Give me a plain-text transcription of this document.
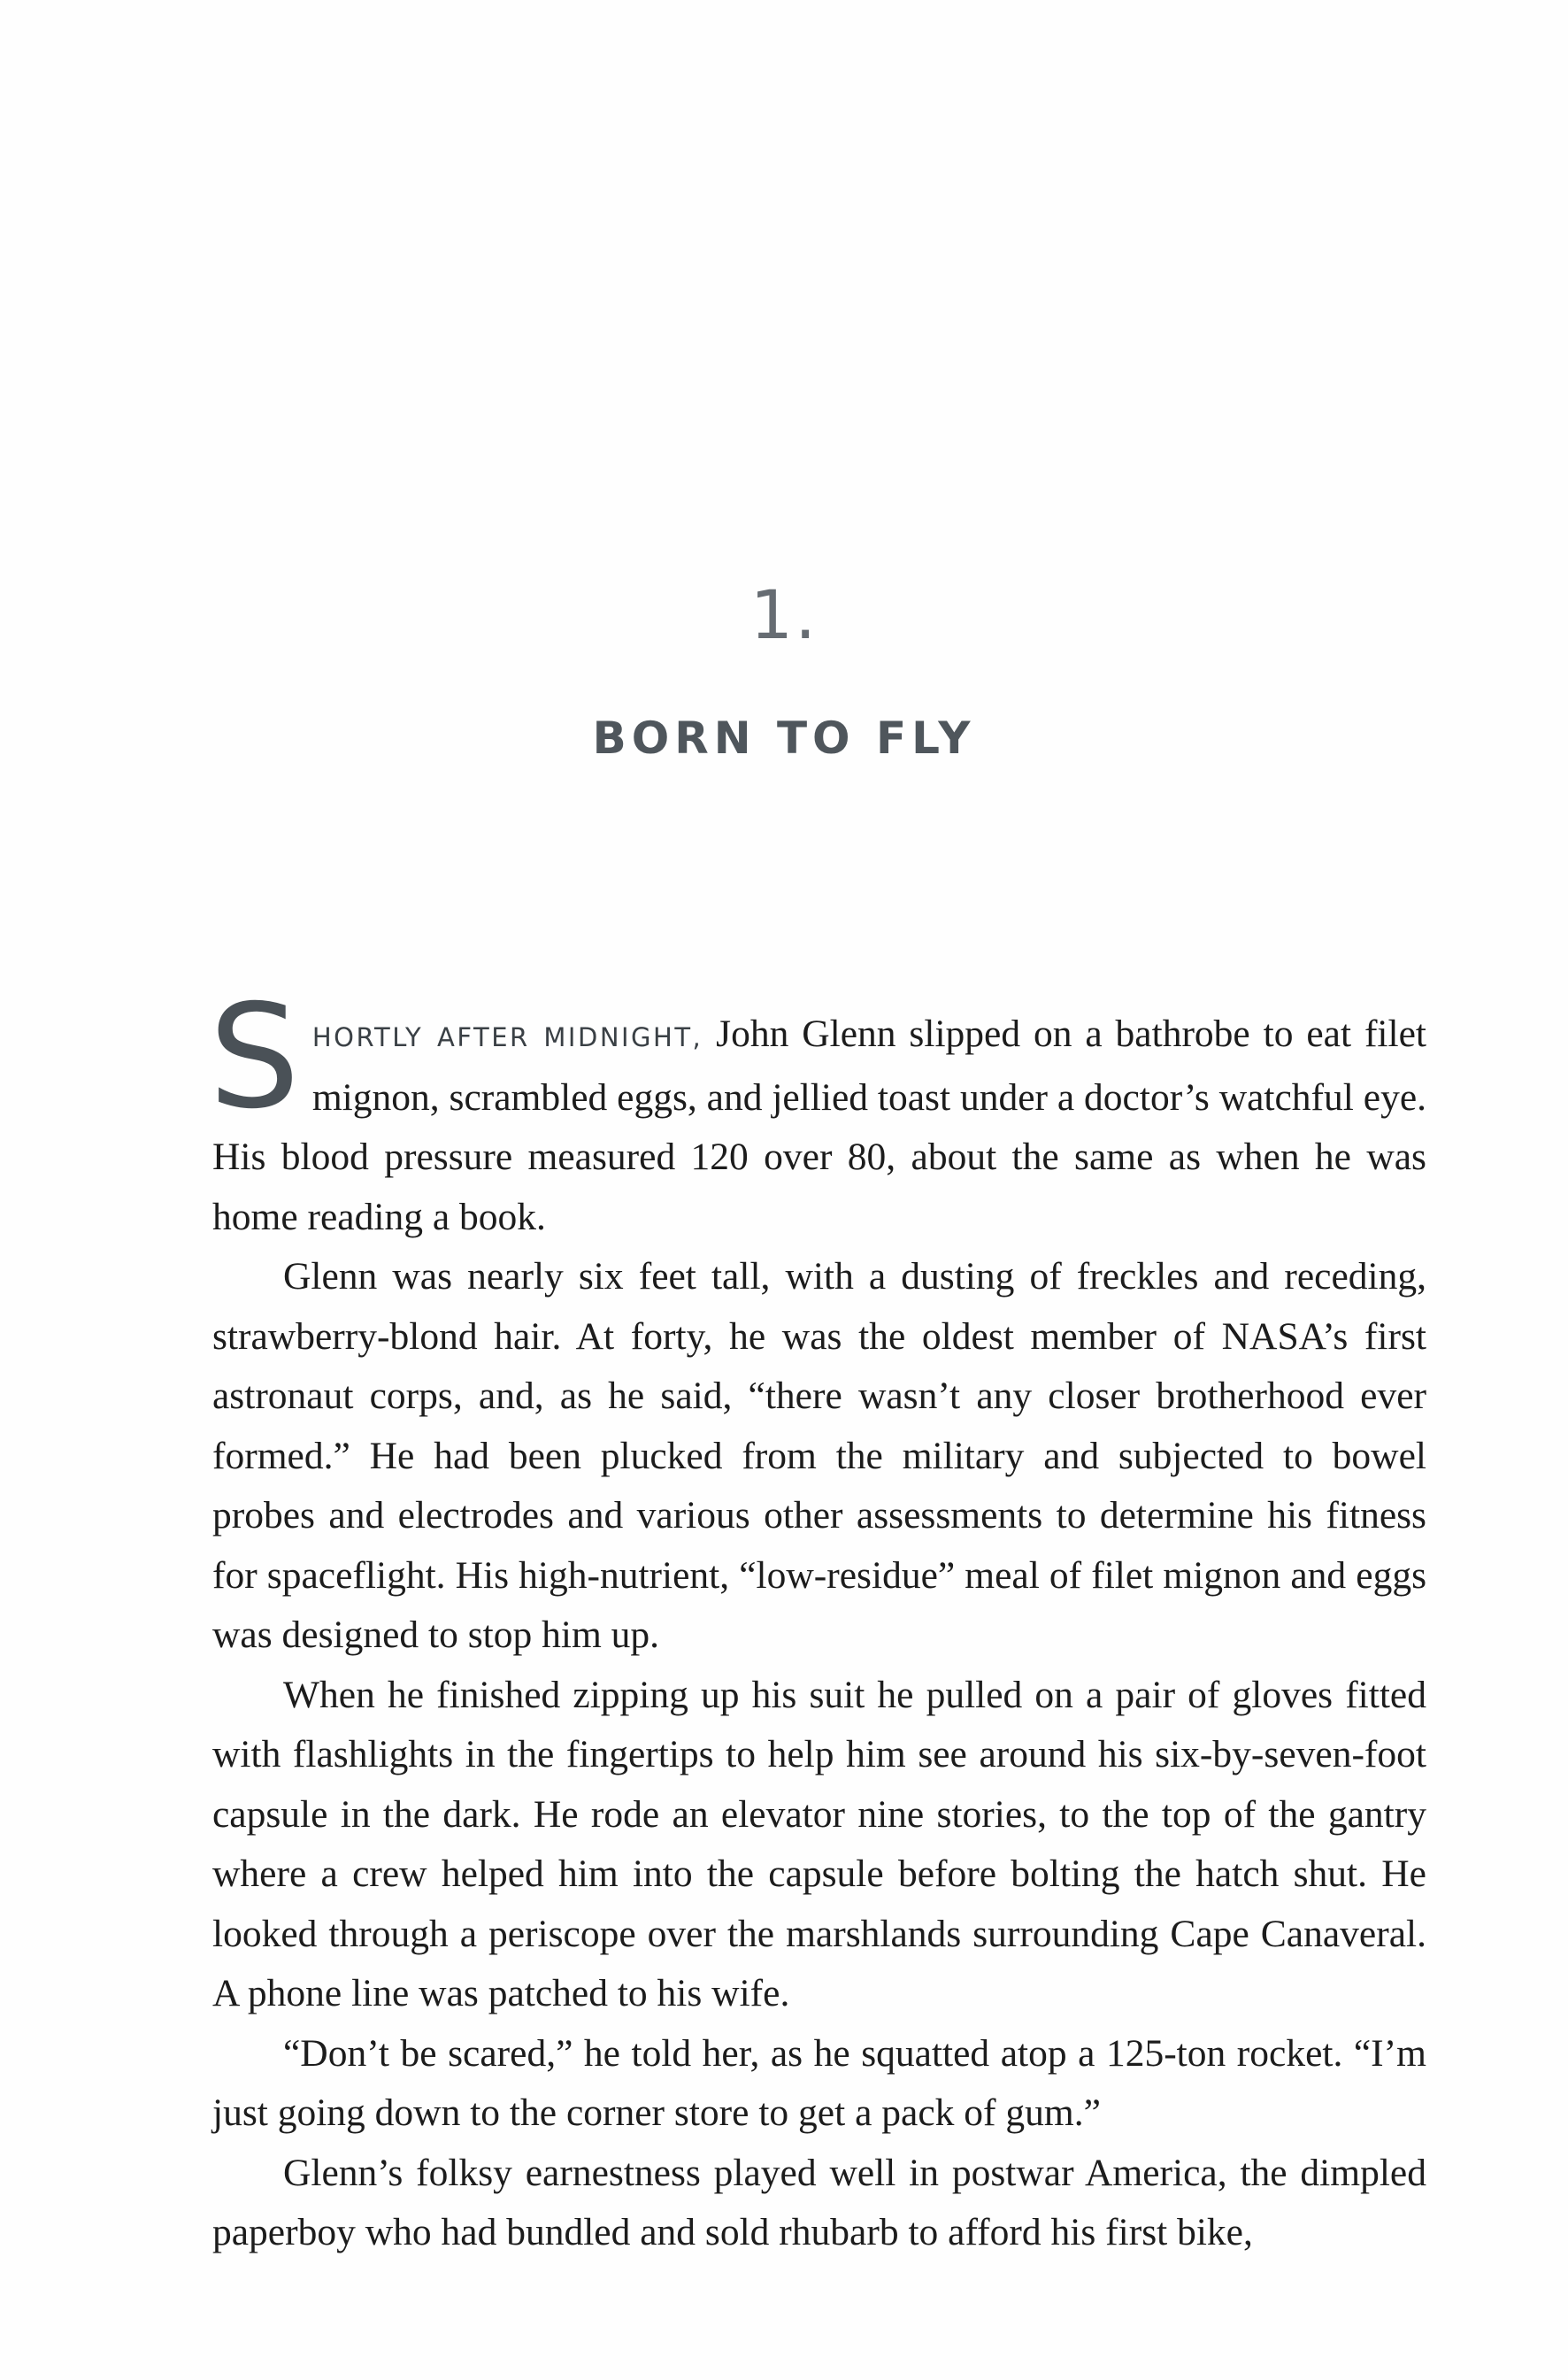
1.
BORN TO FLY

SHORTLY AFTER MIDNIGHT, John Glenn slipped on a bathrobe to eat filet mignon, scrambled eggs, and jellied toast under a doctor’s watchful eye. His blood pressure measured 120 over 80, about the same as when he was home reading a book.

Glenn was nearly six feet tall, with a dusting of freckles and receding, strawberry-blond hair. At forty, he was the oldest member of NASA’s first astronaut corps, and, as he said, “there wasn’t any closer brotherhood ever formed.” He had been plucked from the military and subjected to bowel probes and electrodes and various other assessments to determine his fitness for spaceflight. His high-nutrient, “low-residue” meal of filet mignon and eggs was designed to stop him up.

When he finished zipping up his suit he pulled on a pair of gloves fitted with flashlights in the fingertips to help him see around his six-by-seven-foot capsule in the dark. He rode an elevator nine stories, to the top of the gantry where a crew helped him into the capsule before bolting the hatch shut. He looked through a periscope over the marshlands surrounding Cape Canaveral. A phone line was patched to his wife.

“Don’t be scared,” he told her, as he squatted atop a 125-ton rocket. “I’m just going down to the corner store to get a pack of gum.”

Glenn’s folksy earnestness played well in postwar America, the dimpled paperboy who had bundled and sold rhubarb to afford his first bike,
